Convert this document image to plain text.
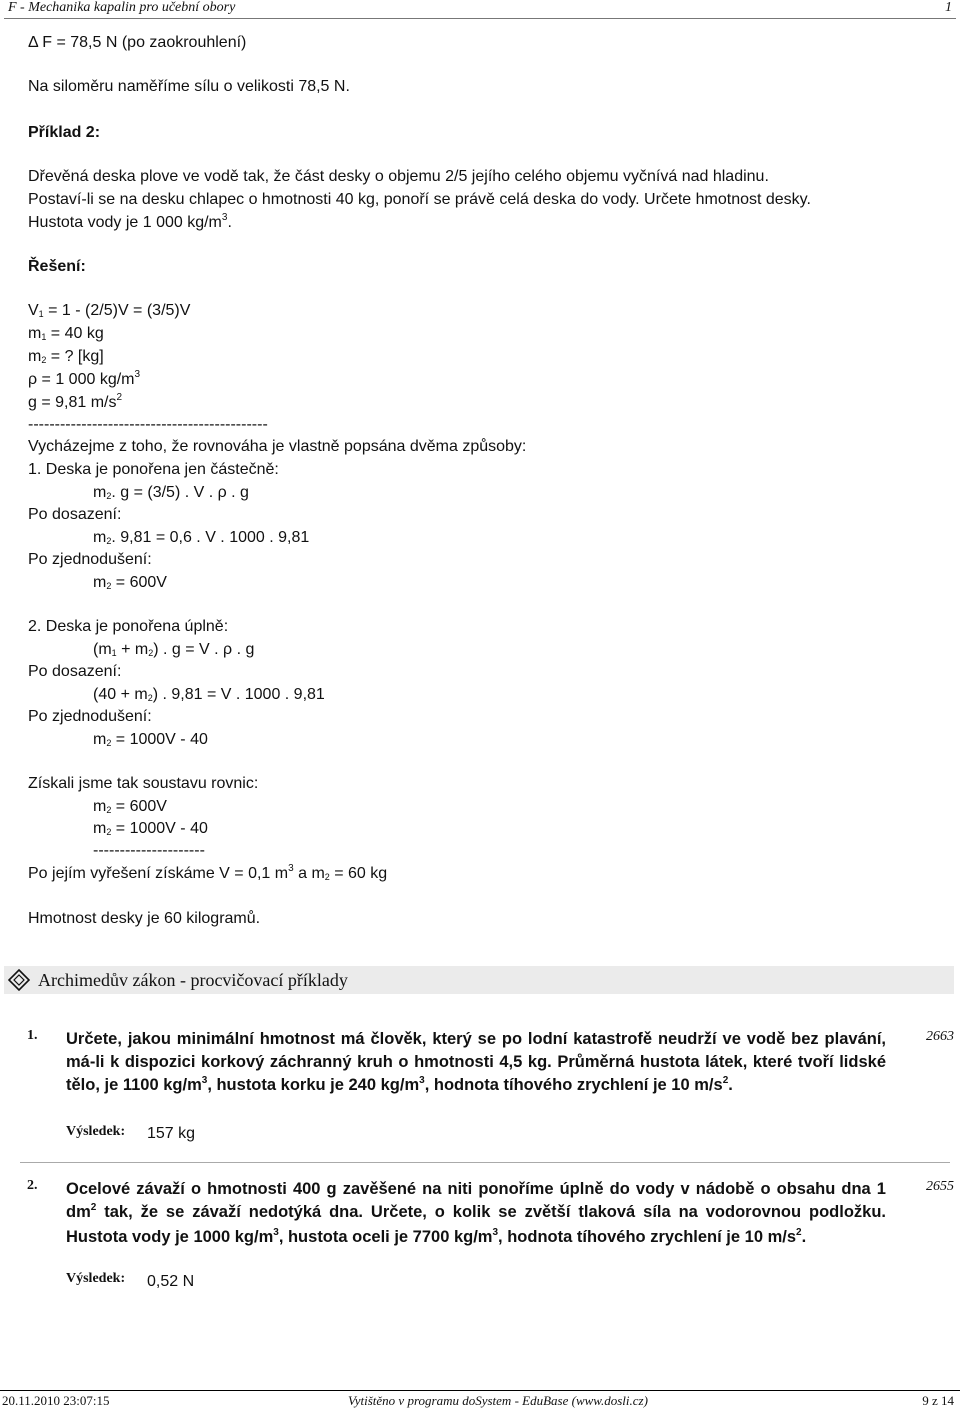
F - Mechanika kapalin pro učební obory	1
Δ F = 78,5 N (po zaokrouhlení)
Na siloměru naměříme sílu o velikosti 78,5 N.
Příklad 2:
Dřevěná deska plove ve vodě tak, že část desky o objemu 2/5 jejího celého objemu vyčnívá nad hladinu.
Postaví-li se na desku chlapec o hmotnosti 40 kg, ponoří se právě celá deska do vody. Určete hmotnost desky.
Hustota vody je 1 000 $kg/m^3$.
Řešení:
$V_1 = 1 - (2/5)V = (3/5)V$
$m_1 = 40$ kg
$m_2$ = ? [kg]
ρ = 1 000 $kg/m^3$
g = 9,81 $m/s^2$
---------------------------------------------
Vycházejme z toho, že rovnováha je vlastně popsána dvěma způsoby:
1. Deska je ponořena jen částečně:
$m_2$. g = (3/5) . V . ρ . g
Po dosazení:
$m_2$. 9,81 = 0,6 . V . 1000 . 9,81
Po zjednodušení:
$m_2 = 600V$
2. Deska je ponořena úplně:
$(m_1 + m_2)$ . g = V . ρ . g
Po dosazení:
$(40 + m_2)$ . 9,81 = V . 1000 . 9,81
Po zjednodušení:
$m_2 = 1000V - 40$
Získali jsme tak soustavu rovnic:
$m_2 = 600V$
$m_2 = 1000V - 40$
---------------------
Po jejím vyřešení získáme V = 0,1 $m^3$ a $m_2 = 60$ kg
Hmotnost desky je 60 kilogramů.
Archimedův zákon - procvičovací příklady
1. Určete, jakou minimální hmotnost má člověk, který se po lodní katastrofě neudrží ve vodě bez plavání, má-li k dispozici korkový záchranný kruh o hmotnosti 4,5 kg. Průměrná hustota látek, které tvoří lidské tělo, je 1100 $kg/m^3$, hustota korku je 240 $kg/m^3$, hodnota tíhového zrychlení je 10 $m/s^2$.
2663
Výsledek: 157 kg
2. Ocelové závaží o hmotnosti 400 g zavěšené na niti ponoříme úplně do vody v nádobě o obsahu dna 1 $dm^2$ tak, že se závaží nedotýká dna. Určete, o kolik se zvětší tlaková síla na vodorovnou podložku. Hustota vody je 1000 $kg/m^3$, hustota oceli je 7700 $kg/m^3$, hodnota tíhového zrychlení je 10 $m/s^2$.
2655
Výsledek: 0,52 N
20.11.2010 23:07:15	Vytištěno v programu doSystem - EduBase (www.dosli.cz)	9 z 14
